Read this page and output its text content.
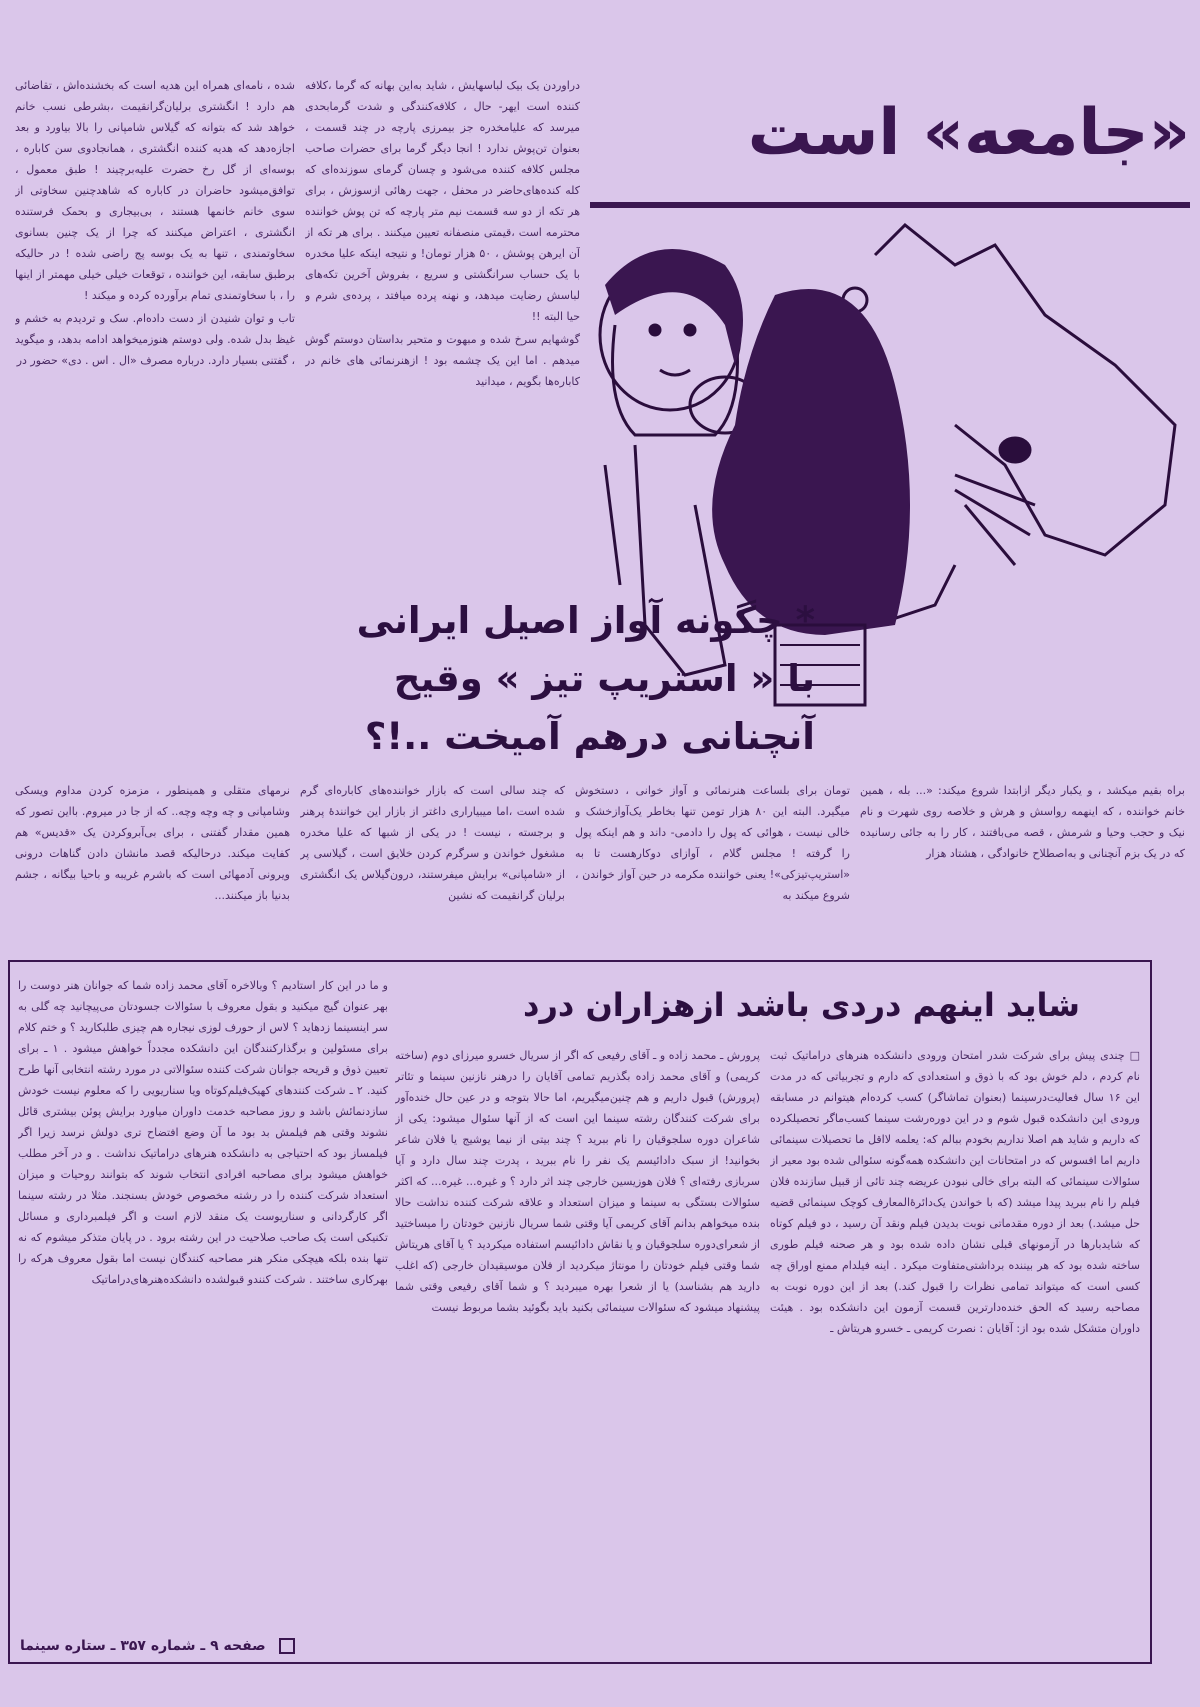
«جامعه» است

دراوردن یک بیک لباسهایش ، شاید به‌این بهانه که گرما ،کلافه کننده است ایهر- حال ، کلافه‌کنندگی و شدت گرمابحدی میرسد که علیامخدره جز بیمرزی پارچه در چند قسمت ، بعنوان تن‌پوش ندارد ! انجا دیگر گرما برای حضرات صاحب مجلس کلافه کننده می‌شود و چسان گرمای سوزنده‌ای که کله کنده‌های‌حاضر در محفل ، جهت رهائی ازسوزش ، برای هر تکه از دو سه قسمت نیم متر پارچه که تن پوش خواننده محترمه است ،قیمتی منصفانه تعیین میکنند . برای هر تکه از آن ایرهن پوشش ، ۵۰ هزار تومان! و نتیجه اینکه علیا مخدره با یک حساب سرانگشتی و سریع ، بفروش آخرین تکه‌های لباسش رضایت میدهد، و نهنه پرده میافتد ، پرده‌ی شرم و حیا البته !!

گوشهایم سرخ شده و مبهوت و متحیر بداستان دوستم گوش میدهم . اما این یک چشمه بود ! ازهنرنمائی های خانم در کاباره‌ها بگویم ، میدانید

شده ، نامه‌ای همراه این هدیه است که بخشنده‌اش ، تقاضائی هم دارد ! انگشتری برلیان‌گرانقیمت ،بشرطی نسب خانم خواهد شد که بتوانه که گیلاس شامپانی را بالا بیاورد و بعد اجازه‌دهد که هدیه کننده انگشتری ، همانجادوی سن کاباره ، بوسه‌ای از گل رخ حضرت علیه‌برچیند ! طبق معمول ، توافق‌میشود حاضران در کاباره که شاهدچنین سخاوتی از سوی خانم خانمها هستند ، بی‌بیجاری و بحمک فرستنده انگشتری ، اعتراض میکنند که چرا از یک چنین بسانوی سخاوتمندی ، تنها به یک بوسه پج راضی شده ! در حالیکه برطبق سابقه، این خواننده ، توقعات خیلی خیلی مهمتر از اینها را ، با سخاوتمندی تمام برآورده کرده و میکند !

تاب و توان شنیدن از دست داده‌ام. سک و تردیدم به خشم و غیظ بدل شده. ولی دوستم هنوزمیخواهد ادامه بدهد، و میگوید ، گفتنی بسیار دارد. درباره مصرف «ال . اس . دی» حضور در

* چگونه آواز اصیل ایرانی با « استریپ تیز » وقیح آنچنانی درهم آمیخت ..!؟

براه بقیم میکشد ، و یکبار دیگر ازابتدا شروع میکند: «... بله ، همین خانم خواننده ، که اینهمه رواسش و هرش و خلاصه روی شهرت و نام نیک و حجب وحیا و شرمش ، قصه می‌بافتند ، کار را به جائی رسانیده که در یک بزم آنچنانی و به‌اصطلاح خانوادگی ، هشتاد هزار

تومان برای بلساعت هنرنمائی و آواز خوانی ، دستخوش میگیرد. البته این ۸۰ هزار تومن تنها بخاطر یک‌آوازخشک و خالی نیست ، هوائی که پول را دادمی- داند و هم اینکه پول را گرفته ! مجلس گلام ، آوازای دوکارهست تا به «استریپ‌تیزکی»! یعنی خواننده مکرمه در حین آواز خواندن ، شروع میکند به

که چند سالی است که بازار خواننده‌های کاباره‌ای گرم شده است ،اما میبیاراری داغتر از بازار این خوانندهٔ پرهنر و برجسته ، نیست ! در یکی از شبها که علیا مخدره مشغول خواندن و سرگرم کردن خلایق است ، گیلاسی پر از «شامپانی» برایش میفرستند، درون‌گیلاس یک انگشتری برلیان گرانقیمت که نشین

نرمهای متقلی و همینطور ، مزمزه کردن مداوم ویسکی وشامپانی و چه وچه وچه.. که از جا در میروم. بااین تصور که همین مقدار گفتنی ، برای بی‌آبروکردن یک «قدیس» هم کفایت میکند. درحالیکه قصد مانشان دادن گناهات درونی ویرونی آدمهائی است که باشرم غریبه و باحیا بیگانه ، جشم بدنیا باز میکنند...

شاید اینهم دردی باشد ازهزاران درد

□ چندی پیش برای شرکت شدر امتحان ورودی دانشکده هنرهای دراماتیک ثبت نام کردم ، دلم خوش بود که با ذوق و استعدادی که دارم و تجربیاتی که در مدت این ۱۶ سال فعالیت‌درسینما (بعنوان تماشاگر) کسب کرده‌ام هیتوانم در مسابقه ورودی این دانشکده قبول شوم و در این دوره‌رشت سینما کسب‌ماگر تحصیلکرده که داریم و شاید هم اصلا نداریم بخودم ببالم که: یعلمه لااقل ما تحصیلات سینمائی داریم اما افسوس که در امتحانات این دانشکده همه‌گونه سئوالی شده بود معیر از سئوالات سینمائی که البته برای خالی نبودن عریضه چند تائی از قبیل سازنده فلان فیلم را نام ببرید پیدا میشد (که با خواندن یک‌دائرهٔ‌المعارف کوچک سینمائی قضیه حل میشد.) بعد از دوره مقدماتی نوبت بدیدن فیلم ونقد آن رسید ، دو فیلم کوتاه که شایدبارها در آزمونهای قبلی نشان داده شده بود و هر صحنه فیلم طوری ساخته شده بود که هر بیننده برداشتی‌متفاوت میکرد . اینه فیلدام ممنع اوراق چه کسی است که میتواند تمامی نظرات را قبول کند.) بعد از این دوره نوبت به مصاحبه رسید که الحق خنده‌دارترین قسمت آزمون این دانشکده بود . هیئت داوران متشکل شده بود از: آقایان : نصرت کریمی ـ خسرو هریتاش ـ

پرورش ـ محمد زاده و ـ آقای رفیعی که اگر از سریال خسرو میرزای دوم (ساخته کریمی) و آقای محمد زاده بگذریم تمامی آقایان را درهنر نازنین سینما و تئاتر (پرورش) قبول داریم و هم چنین‌میگیریم، اما حالا بتوجه و در عین حال خنده‌آور برای شرکت کنندگان رشته سینما این است که از آنها سئوال میشود: یکی از شاعران دوره سلجوقیان را نام ببرید ؟ چند بیتی از نیما یوشیج یا فلان شاعر بخوانید! از سبک دادائیسم یک نفر را نام ببرید ، پدرت چند سال دارد و آیا سربازی رفته‌ای ؟ فلان هوزیسین خارجی چند اثر دارد ؟ و غیره... غیره... که اکثر سئوالات بستگی به سینما و میزان استعداد و علاقه شرکت کننده نداشت حالا بنده میخواهم بدانم آقای کریمی آیا وقتی شما سریال نازنین خودتان را میساختید از شعرای‌دوره سلجوقیان و یا نقاش دادائیسم استفاده میکردید ؟ یا آقای هریتاش شما وقتی فیلم خودتان را مونتاژ میکردید از فلان موسیقیدان خارجی (که اغلب دارید هم بشناسد) یا از شعرا بهره میبردید ؟ و شما آقای رفیعی وقتی شما پیشنهاد میشود که سئوالات سینمائی بکنید باید بگوئید بشما مربوط نیست

و ما در این کار استادیم ؟ وبالاخره آقای محمد زاده شما که جوانان هنر دوست را بهر عنوان گیج میکنید و بقول معروف با سئوالات جسودتان می‌پیچانید چه گلی به سر اینسینما زدهاید ؟ لاس از حورف لوزی نیجاره هم چیزی طلبکارید ؟ و ختم کلام برای مسئولین و برگذارکنندگان این دانشکده مجدداً خواهش میشود . ۱ ـ برای تعیین ذوق و قریحه جوانان شرکت کننده سئوالاتی در مورد رشته انتخابی آنها طرح کنید. ۲ ـ شرکت کنندهای کهیک‌فیلم‌کوتاه ویا سناریویی را که معلوم نیست خودش سازدنمائش باشد و روز مصاحبه خدمت داوران میاورد برایش پوئن بیشتری قائل نشوند وقتی هم فیلمش بد بود ما آن وضع افتضاح تری دولش نرسد زیرا اگر فیلمساز بود که احتیاجی به دانشکده هنرهای دراماتیک نداشت . و در آخر مطلب خواهش میشود برای مصاحبه افرادی انتخاب شوند که بتوانند روحیات و میزان استعداد شرکت کننده را در رشته مخصوص خودش بسنجند. مثلا در رشته سینما اگر کارگردانی و سناریوست یک منقد لازم است و اگر فیلمبرداری و مسائل تکنیکی است یک صاحب صلاحیت در این رشته برود . در پایان متذکر میشوم که نه تنها بنده بلکه هیچکی منکر هنر مصاحبه کنندگان نیست اما بقول معروف هرکه را بهرکاری ساختند . شرکت کنندو قبولشده دانشکده‌هنرهای‌دراماتیک

صفحه ۹ ـ شماره ۳۵۷ ـ ستاره سینما
